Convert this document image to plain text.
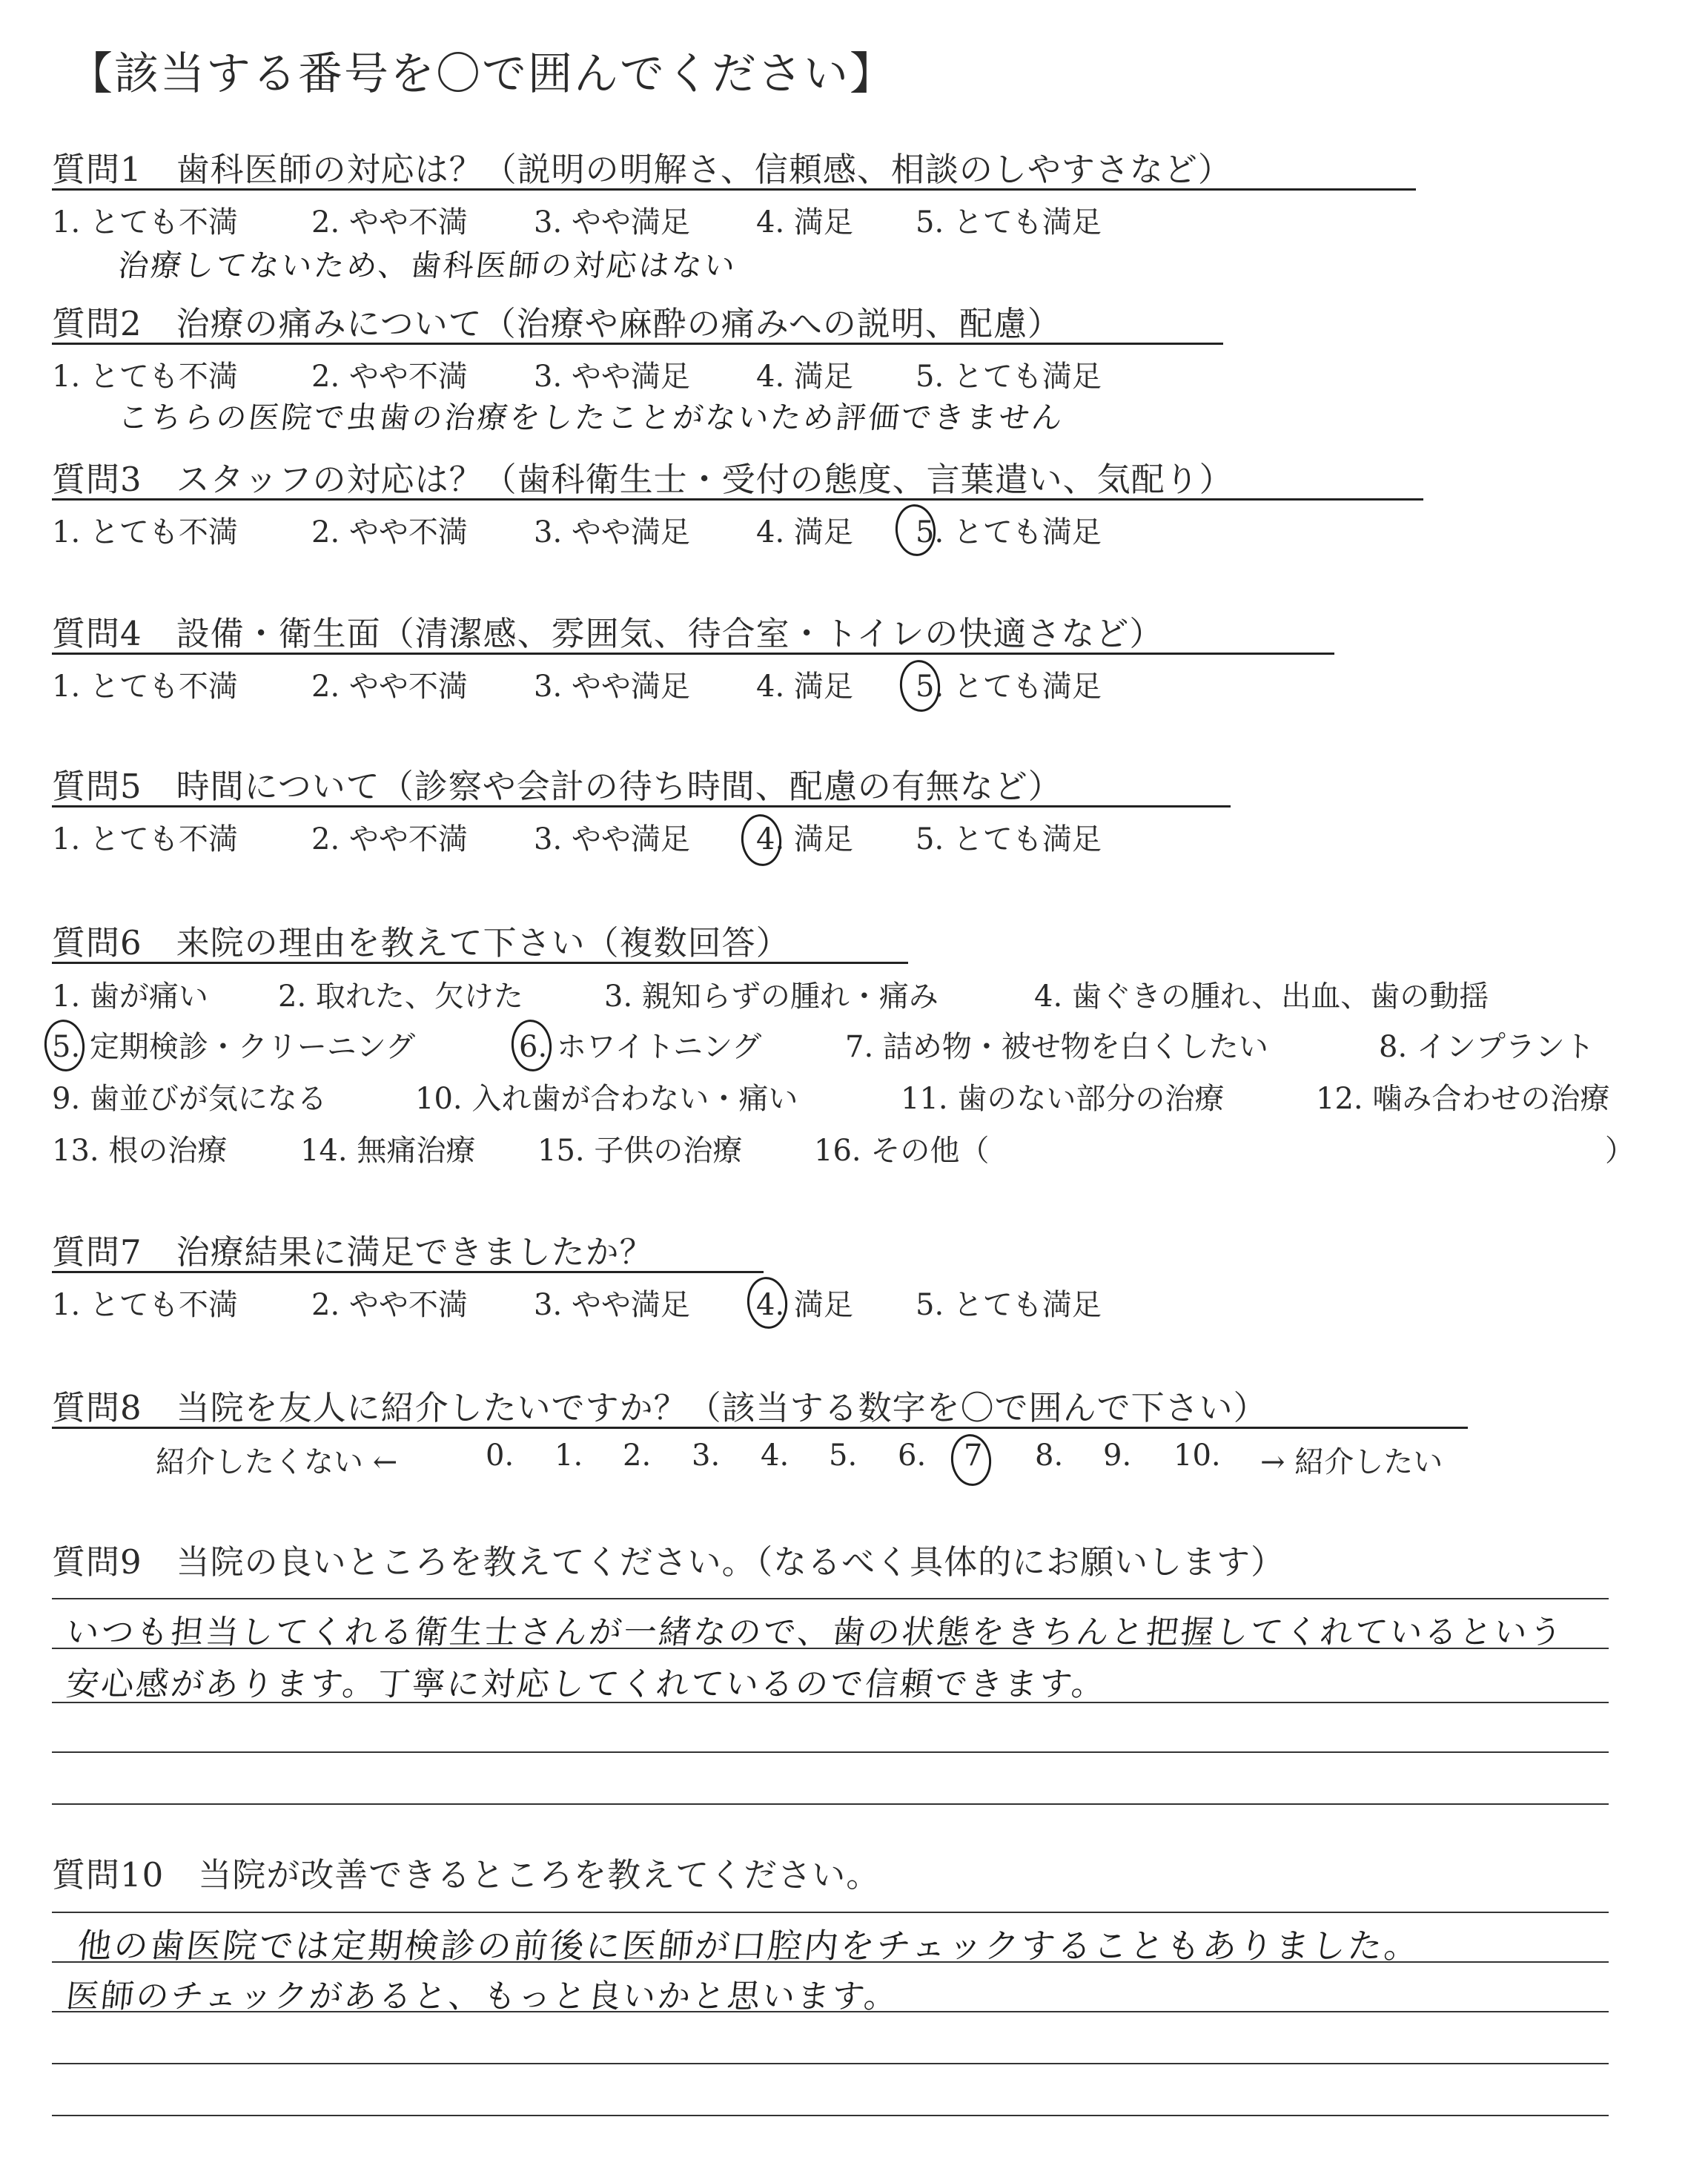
【該当する番号を〇で囲んでください】
質問1　歯科医師の対応は？（説明の明解さ、信頼感、相談のしやすさなど）
1. とても不満 2. やや不満 3. やや満足 4. 満足 5. とても満足
治療してないため、歯科医師の対応はない
質問2　治療の痛みについて（治療や麻酔の痛みへの説明、配慮）
1. とても不満 2. やや不満 3. やや満足 4. 満足 5. とても満足
こちらの医院で虫歯の治療をしたことがないため評価できません
質問3　スタッフの対応は？（歯科衛生士・受付の態度、言葉遣い、気配り）
1. とても不満 2. やや不満 3. やや満足 4. 満足 5. とても満足
質問4　設備・衛生面（清潔感、雰囲気、待合室・トイレの快適さなど）
1. とても不満 2. やや不満 3. やや満足 4. 満足 5. とても満足
質問5　時間について（診察や会計の待ち時間、配慮の有無など）
1. とても不満 2. やや不満 3. やや満足 4. 満足 5. とても満足
質問6　来院の理由を教えて下さい（複数回答）
1. 歯が痛い 2. 取れた、欠けた	3. 親知らずの腫れ・痛み	4. 歯ぐきの腫れ、出血、歯の動揺
5. 定期検診・クリーニング	6. ホワイトニング	7. 詰め物・被せ物を白くしたい	8. インプラント
9. 歯並びが気になる	10. 入れ歯が合わない・痛い	11. 歯のない部分の治療	12. 噛み合わせの治療
13. 根の治療 14. 無痛治療 15. 子供の治療 16. その他（	）
質問7　治療結果に満足できましたか？
1. とても不満 2. やや不満 3. やや満足 4. 満足 5. とても満足
質問8　当院を友人に紹介したいですか？（該当する数字を〇で囲んで下さい）
紹介したくない ←	0. 1. 2. 3. 4. 5. 6. 7 8. 9. 10. → 紹介したい
質問9　当院の良いところを教えてください。（なるべく具体的にお願いします）
いつも担当してくれる衛生士さんが一緒なので、歯の状態をきちんと把握してくれているという
安心感があります。丁寧に対応してくれているので信頼できます。
質問10　当院が改善できるところを教えてください。
他の歯医院では定期検診の前後に医師が口腔内をチェックすることもありました。
医師のチェックがあると、もっと良いかと思います。
